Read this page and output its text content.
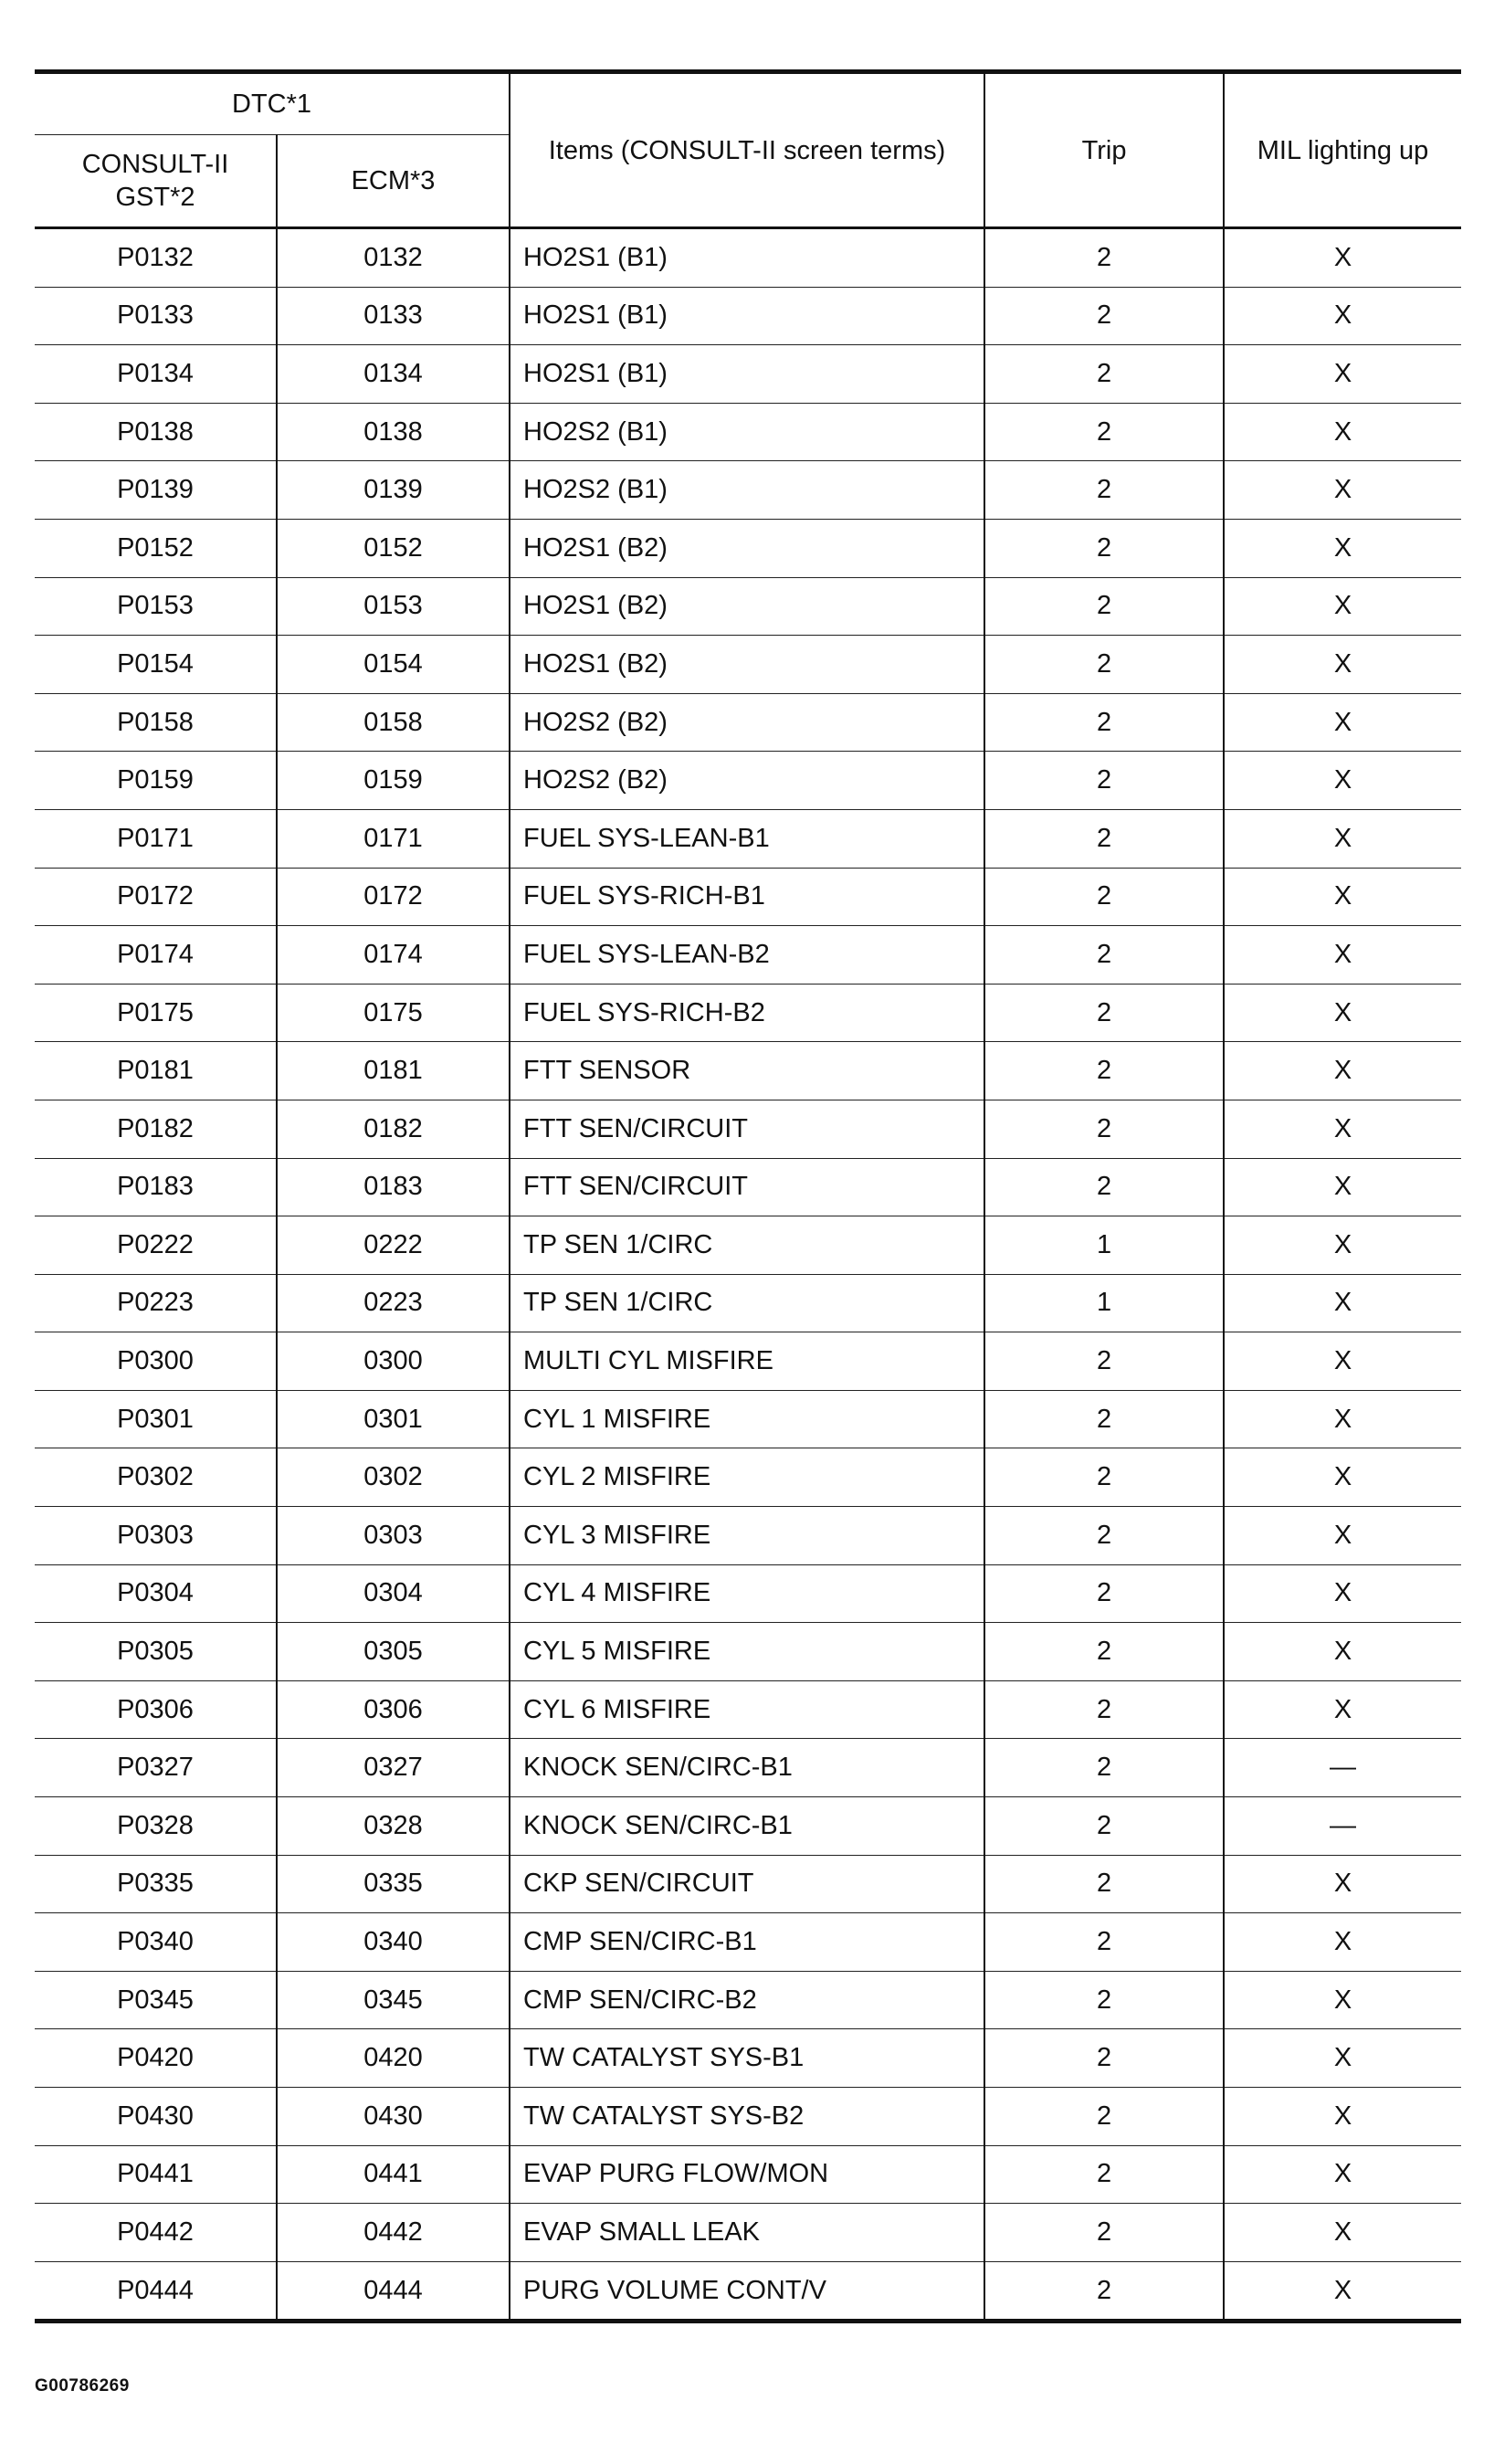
DTC*1		Items (CONSULT-II screen terms)	Trip	MIL lighting up
CONSULT-II
GST*2	ECM*3			
P0132	0132	HO2S1 (B1)	2	X
P0133	0133	HO2S1 (B1)	2	X
P0134	0134	HO2S1 (B1)	2	X
P0138	0138	HO2S2 (B1)	2	X
P0139	0139	HO2S2 (B1)	2	X
P0152	0152	HO2S1 (B2)	2	X
P0153	0153	HO2S1 (B2)	2	X
P0154	0154	HO2S1 (B2)	2	X
P0158	0158	HO2S2 (B2)	2	X
P0159	0159	HO2S2 (B2)	2	X
P0171	0171	FUEL SYS-LEAN-B1	2	X
P0172	0172	FUEL SYS-RICH-B1	2	X
P0174	0174	FUEL SYS-LEAN-B2	2	X
P0175	0175	FUEL SYS-RICH-B2	2	X
P0181	0181	FTT SENSOR	2	X
P0182	0182	FTT SEN/CIRCUIT	2	X
P0183	0183	FTT SEN/CIRCUIT	2	X
P0222	0222	TP SEN 1/CIRC	1	X
P0223	0223	TP SEN 1/CIRC	1	X
P0300	0300	MULTI CYL MISFIRE	2	X
P0301	0301	CYL 1 MISFIRE	2	X
P0302	0302	CYL 2 MISFIRE	2	X
P0303	0303	CYL 3 MISFIRE	2	X
P0304	0304	CYL 4 MISFIRE	2	X
P0305	0305	CYL 5 MISFIRE	2	X
P0306	0306	CYL 6 MISFIRE	2	X
P0327	0327	KNOCK SEN/CIRC-B1	2	—
P0328	0328	KNOCK SEN/CIRC-B1	2	—
P0335	0335	CKP SEN/CIRCUIT	2	X
P0340	0340	CMP SEN/CIRC-B1	2	X
P0345	0345	CMP SEN/CIRC-B2	2	X
P0420	0420	TW CATALYST SYS-B1	2	X
P0430	0430	TW CATALYST SYS-B2	2	X
P0441	0441	EVAP PURG FLOW/MON	2	X
P0442	0442	EVAP SMALL LEAK	2	X
P0444	0444	PURG VOLUME CONT/V	2	X
G00786269
